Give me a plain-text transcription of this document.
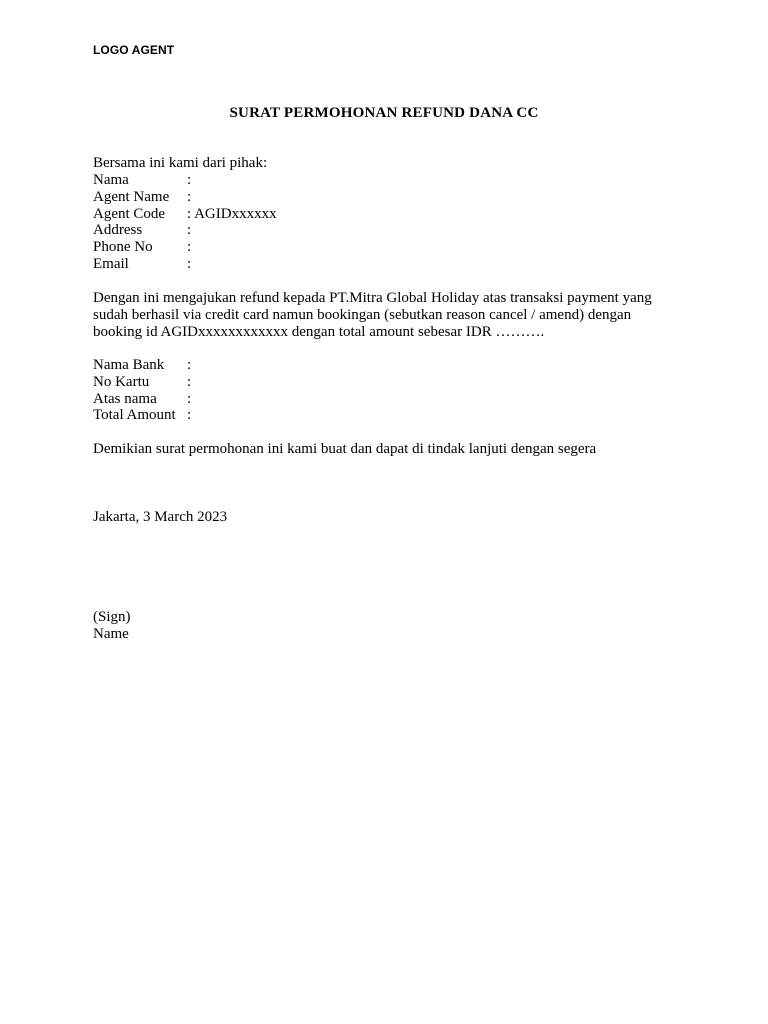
LOGO AGENT
SURAT PERMOHONAN REFUND DANA CC
Bersama ini kami dari pihak:
Nama	:
Agent Name	:
Agent Code	: AGIDxxxxxx
Address	:
Phone No	:
Email	:
Dengan ini mengajukan refund kepada PT.Mitra Global Holiday atas transaksi payment yang
sudah berhasil via credit card namun bookingan (sebutkan reason cancel / amend) dengan
booking id AGIDxxxxxxxxxxxx dengan total amount sebesar IDR ……….
Nama Bank	:
No Kartu	:
Atas nama	:
Total Amount :
Demikian surat permohonan ini kami buat dan dapat di tindak lanjuti dengan segera
Jakarta, 3 March 2023
(Sign)
Name
